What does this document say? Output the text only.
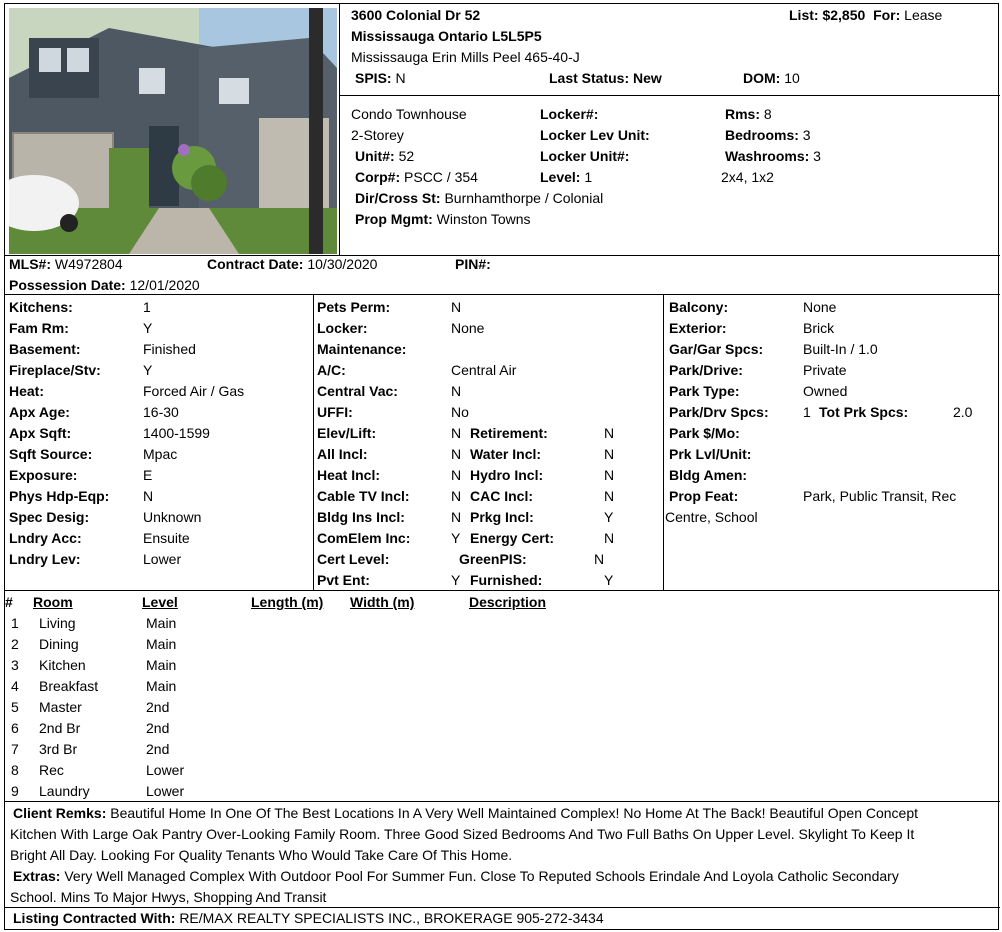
3600 Colonial Dr 52	List: $2,850 For: Lease
Mississauga Ontario L5L5P5
Mississauga Erin Mills Peel 465-40-J
SPIS: N	Last Status: New	DOM: 10
Condo Townhouse
2-Storey
Unit#: 52
Corp#: PSCC / 354
Locker#:
Locker Lev Unit:
Locker Unit#:
Level: 1
Rms: 8
Bedrooms: 3
Washrooms: 3
2x4, 1x2
Dir/Cross St: Burnhamthorpe / Colonial
Prop Mgmt: Winston Towns
MLS#: W4972804	Contract Date: 10/30/2020	PIN#:
Possession Date: 12/01/2020
Kitchens:	1
Fam Rm:	Y
Basement:	Finished
Fireplace/Stv:	Y
Heat:	Forced Air / Gas
Apx Age:	16-30
Apx Sqft:	1400-1599
Sqft Source:	Mpac
Exposure:	E
Phys Hdp-Eqp: N
Spec Desig:	Unknown
Lndry Acc:	Ensuite
Lndry Lev:	Lower
Pets Perm:	N
Locker:	None
Maintenance:
A/C:	Central Air
Central Vac:	N
UFFI:	No
Elev/Lift:	N Retirement:	N
All Incl:	N Water Incl:	N
Heat Incl:	N Hydro Incl:	N
Cable TV Incl:	N CAC Incl:	N
Bldg Ins Incl:	N Prkg Incl:	Y
ComElem Inc:	Y Energy Cert:	N
Cert Level:	GreenPIS:	N
Pvt Ent:	Y Furnished:	Y
Balcony:	None
Exterior:	Brick
Gar/Gar Spcs:	Built-In / 1.0
Park/Drive:	Private
Park Type:	Owned
Park $/Mo:
Prk Lvl/Unit:
Bldg Amen:
Park/Drv Spcs: 1 Tot Prk Spcs:	2.0
Prop Feat:	Park, Public Transit, Rec
Centre, School
# Room	Level	Length (m) Width (m)	Description
1 Living	Main
2 Dining	Main
3 Kitchen	Main
4 Breakfast	Main
5 Master	2nd
6 2nd Br	2nd
7 3rd Br	2nd
8 Rec	Lower
9 Laundry	Lower
Client Remks: Beautiful Home In One Of The Best Locations In A Very Well Maintained Complex! No Home At The Back! Beautiful Open Concept
Kitchen With Large Oak Pantry Over-Looking Family Room. Three Good Sized Bedrooms And Two Full Baths On Upper Level. Skylight To Keep It
Bright All Day. Looking For Quality Tenants Who Would Take Care Of This Home.
Extras: Very Well Managed Complex With Outdoor Pool For Summer Fun. Close To Reputed Schools Erindale And Loyola Catholic Secondary
School. Mins To Major Hwys, Shopping And Transit
Listing Contracted With: RE/MAX REALTY SPECIALISTS INC., BROKERAGE 905-272-3434
